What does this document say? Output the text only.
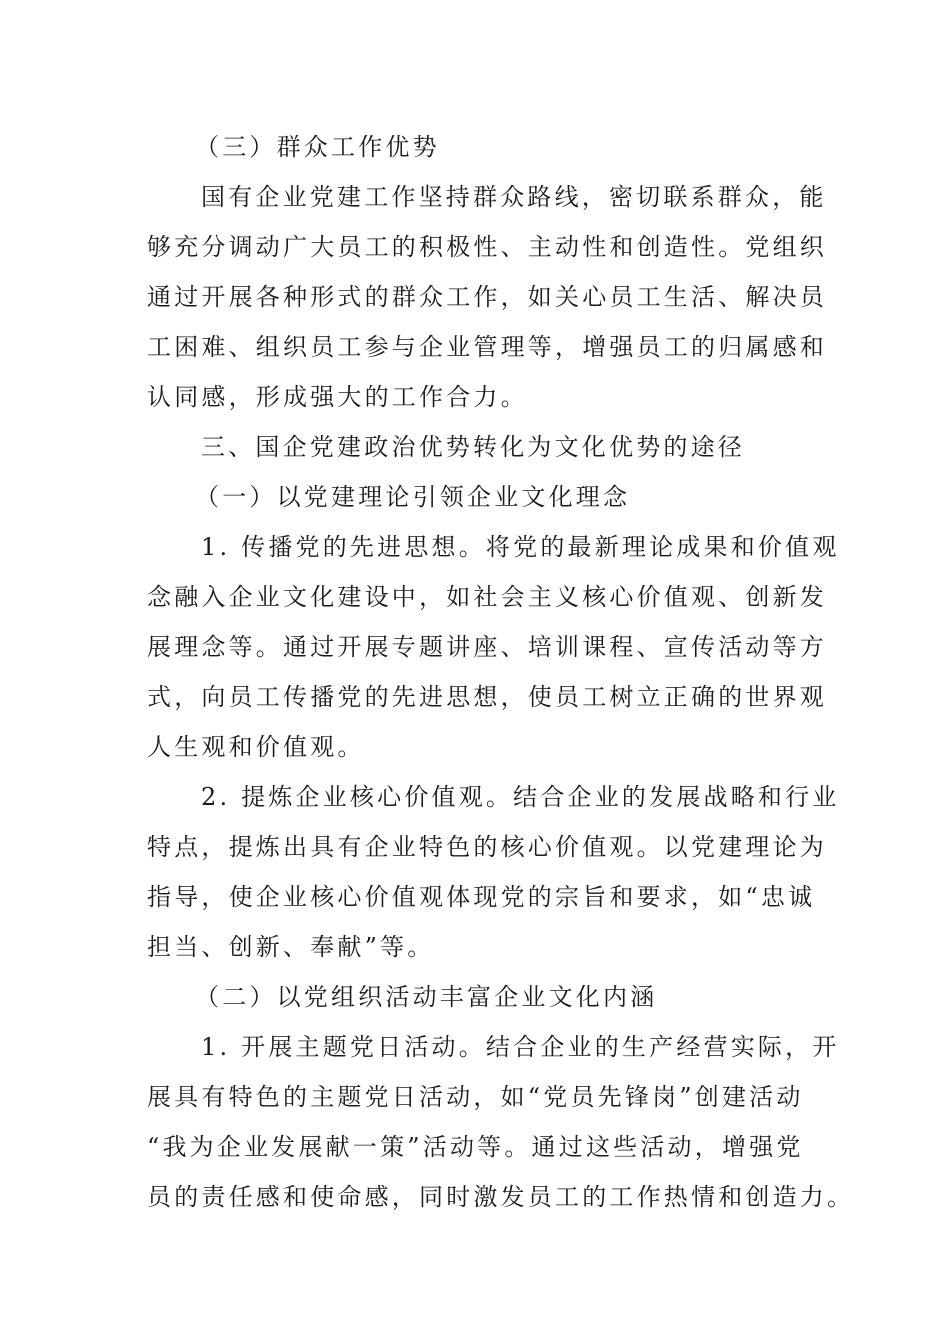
（三）群众工作优势
国有企业党建工作坚持群众路线，密切联系群众，能
够充分调动广大员工的积极性、主动性和创造性。党组织
通过开展各种形式的群众工作，如关心员工生活、解决员
工困难、组织员工参与企业管理等，增强员工的归属感和
认同感，形成强大的工作合力。
三、国企党建政治优势转化为文化优势的途径
（一）以党建理论引领企业文化理念
1. 传播党的先进思想。将党的最新理论成果和价值观
念融入企业文化建设中，如社会主义核心价值观、创新发
展理念等。通过开展专题讲座、培训课程、宣传活动等方
式，向员工传播党的先进思想，使员工树立正确的世界观
人生观和价值观。
2. 提炼企业核心价值观。结合企业的发展战略和行业
特点，提炼出具有企业特色的核心价值观。以党建理论为
指导，使企业核心价值观体现党的宗旨和要求，如“忠诚
担当、创新、奉献”等。
（二）以党组织活动丰富企业文化内涵
1. 开展主题党日活动。结合企业的生产经营实际，开
展具有特色的主题党日活动，如“党员先锋岗”创建活动
“我为企业发展献一策”活动等。通过这些活动，增强党
员的责任感和使命感，同时激发员工的工作热情和创造力。
